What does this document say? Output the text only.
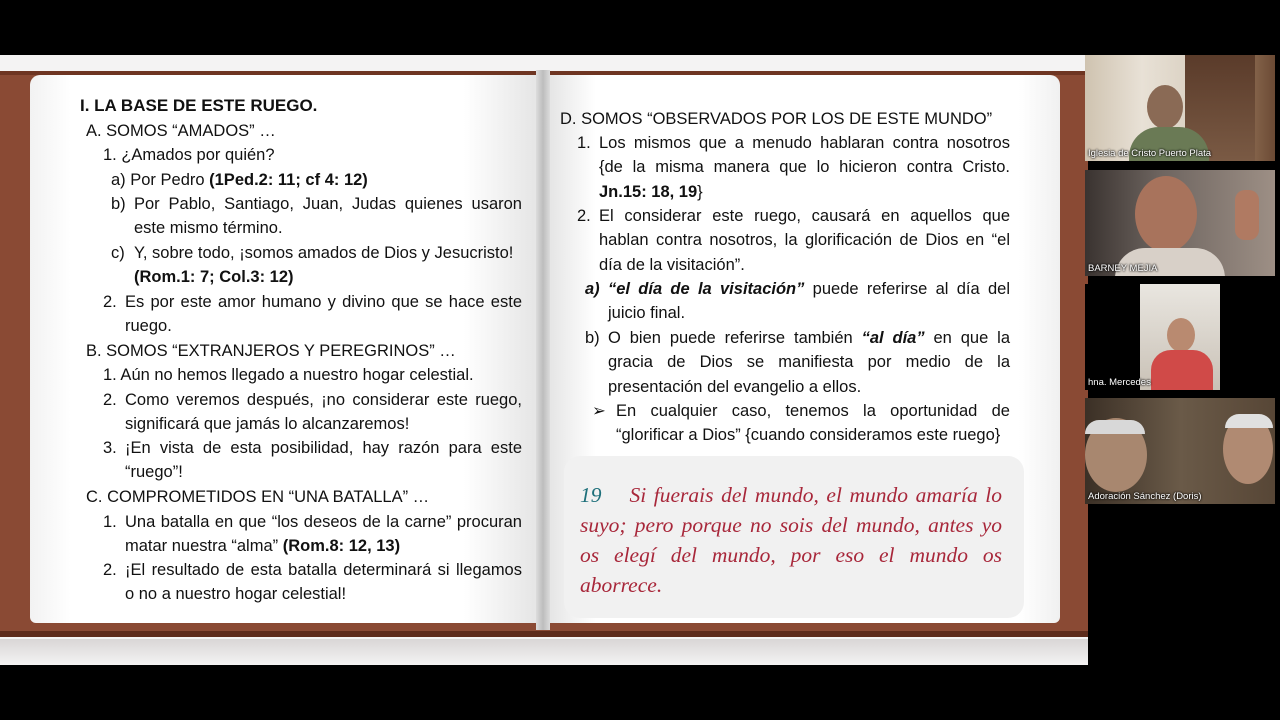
I. LA BASE DE ESTE RUEGO.
A. SOMOS “AMADOS” …
1. ¿Amados por quién?
a) Por Pedro (1Ped.2: 11; cf 4: 12)
b) Por Pablo, Santiago, Juan, Judas quienes usaron este mismo término.
c) Y, sobre todo, ¡somos amados de Dios y Jesucristo!
(Rom.1: 7; Col.3: 12)
2. Es por este amor humano y divino que se hace este ruego.
B. SOMOS “EXTRANJEROS Y PEREGRINOS” …
1. Aún no hemos llegado a nuestro hogar celestial.
2. Como veremos después, ¡no considerar este ruego, significará que jamás lo alcanzaremos!
3. ¡En vista de esta posibilidad, hay razón para este “ruego”!
C. COMPROMETIDOS EN “UNA BATALLA” …
1. Una batalla en que “los deseos de la carne” procuran matar nuestra “alma” (Rom.8: 12, 13)
2. ¡El resultado de esta batalla determinará si llegamos o no a nuestro hogar celestial!
D. SOMOS “OBSERVADOS POR LOS DE ESTE MUNDO”
1. Los mismos que a menudo hablaran contra nosotros {de la misma manera que lo hicieron contra Cristo. Jn.15: 18, 19}
2. El considerar este ruego, causará en aquellos que hablan contra nosotros, la glorificación de Dios en “el día de la visitación”.
a) “el día de la visitación” puede referirse al día del juicio final.
b) O bien puede referirse también “al día” en que la gracia de Dios se manifiesta por medio de la presentación del evangelio a ellos.
➢ En cualquier caso, tenemos la oportunidad de “glorificar a Dios” {cuando consideramos este ruego}
19 Si fuerais del mundo, el mundo amaría lo suyo; pero porque no sois del mundo, antes yo os elegí del mundo, por eso el mundo os aborrece.
Iglesia de Cristo Puerto Plata
BARNEY MEJIA
hna. Mercedes
Adoración Sánchez (Doris)
